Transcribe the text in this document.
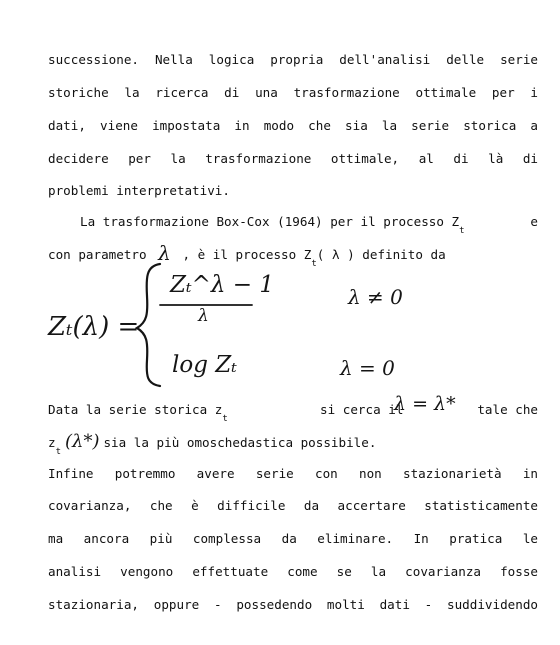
successione. Nella logica propria dell'analisi delle serie
storiche la ricerca di una trasformazione ottimale per i
dati, viene impostata in modo che sia la serie storica a
decidere per la trasformazione ottimale, al di là di
problemi interpretativi.
La trasformazione Box-Cox (1964) per il processo $Z_t$
e
con parametro λ , è il processo $Z_t$( λ ) definito da
Zₜ(λ) =
Zₜ^λ − 1
λ
λ ≠ 0
log Zₜ	λ = 0
Data la serie storica $z_t$
si cerca il
λ = λ* tale che
$z_t$ (λ*) sia la più omoschedastica possibile.
Infine potremmo avere serie con non stazionarietà in
covarianza, che è difficile da accertare statisticamente
ma ancora più complessa da eliminare. In pratica le
analisi vengono effettuate come se la covarianza fosse
stazionaria, oppure - possedendo molti dati - suddividendo
